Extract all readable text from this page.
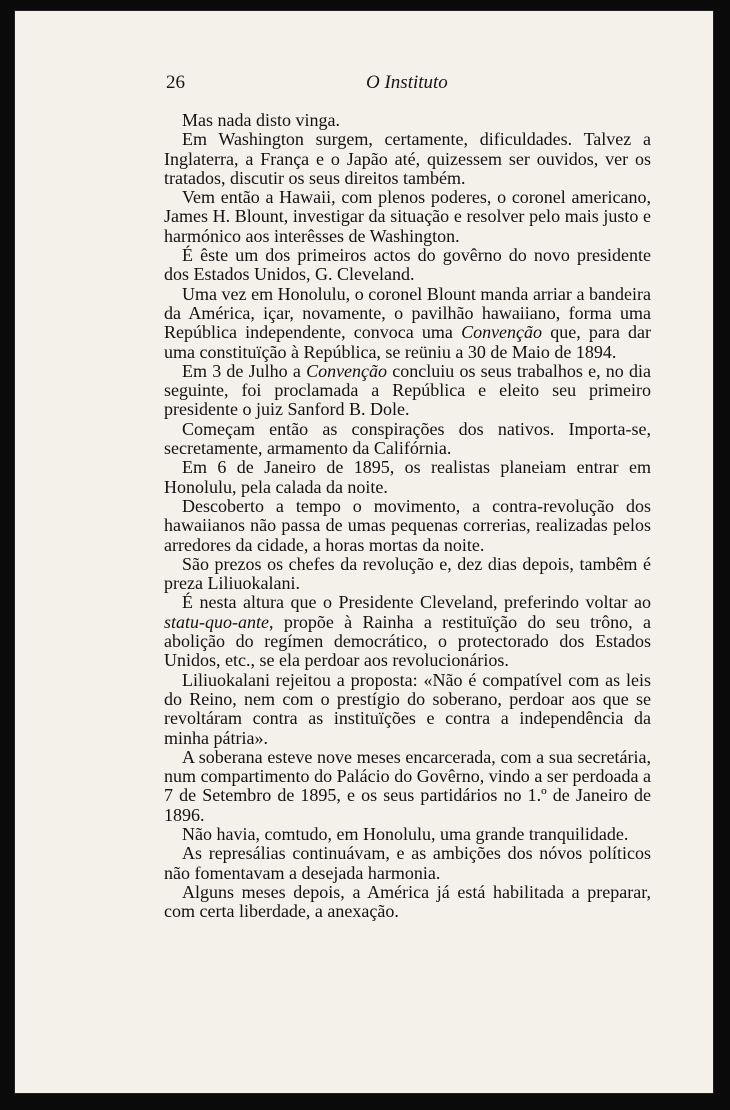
26	O Instituto

Mas nada disto vinga.

Em Washington surgem, certamente, dificuldades. Talvez a Inglaterra, a França e o Japão até, quizessem ser ouvidos, ver os tratados, discutir os seus direitos também.

Vem então a Hawaii, com plenos poderes, o coronel americano, James H. Blount, investigar da situação e resolver pelo mais justo e harmónico aos interêsses de Washington.

É êste um dos primeiros actos do govêrno do novo presidente dos Estados Unidos, G. Cleveland.

Uma vez em Honolulu, o coronel Blount manda arriar a bandeira da América, içar, novamente, o pavilhão hawaiiano, forma uma República independente, convoca uma Convenção que, para dar uma constituïção à República, se reüniu a 30 de Maio de 1894.

Em 3 de Julho a Convenção concluiu os seus trabalhos e, no dia seguinte, foi proclamada a República e eleito seu primeiro presidente o juiz Sanford B. Dole.

Começam então as conspirações dos nativos. Importa-se, secretamente, armamento da Califórnia.

Em 6 de Janeiro de 1895, os realistas planeiam entrar em Honolulu, pela calada da noite.

Descoberto a tempo o movimento, a contra-revolução dos hawaiianos não passa de umas pequenas correrias, realizadas pelos arredores da cidade, a horas mortas da noite.

São prezos os chefes da revolução e, dez dias depois, tambêm é preza Liliuokalani.

É nesta altura que o Presidente Cleveland, preferindo voltar ao statu-quo-ante, propõe à Rainha a restituïção do seu trôno, a abolição do regímen democrático, o protectorado dos Estados Unidos, etc., se ela perdoar aos revolucionários.

Liliuokalani rejeitou a proposta: «Não é compatível com as leis do Reino, nem com o prestígio do soberano, perdoar aos que se revoltáram contra as instituïções e contra a independência da minha pátria».

A soberana esteve nove meses encarcerada, com a sua secretária, num compartimento do Palácio do Govêrno, vindo a ser perdoada a 7 de Setembro de 1895, e os seus partidários no 1.º de Janeiro de 1896.

Não havia, comtudo, em Honolulu, uma grande tranquilidade.

As represálias continuávam, e as ambições dos nóvos políticos não fomentavam a desejada harmonia.

Alguns meses depois, a América já está habilitada a preparar, com certa liberdade, a anexação.
